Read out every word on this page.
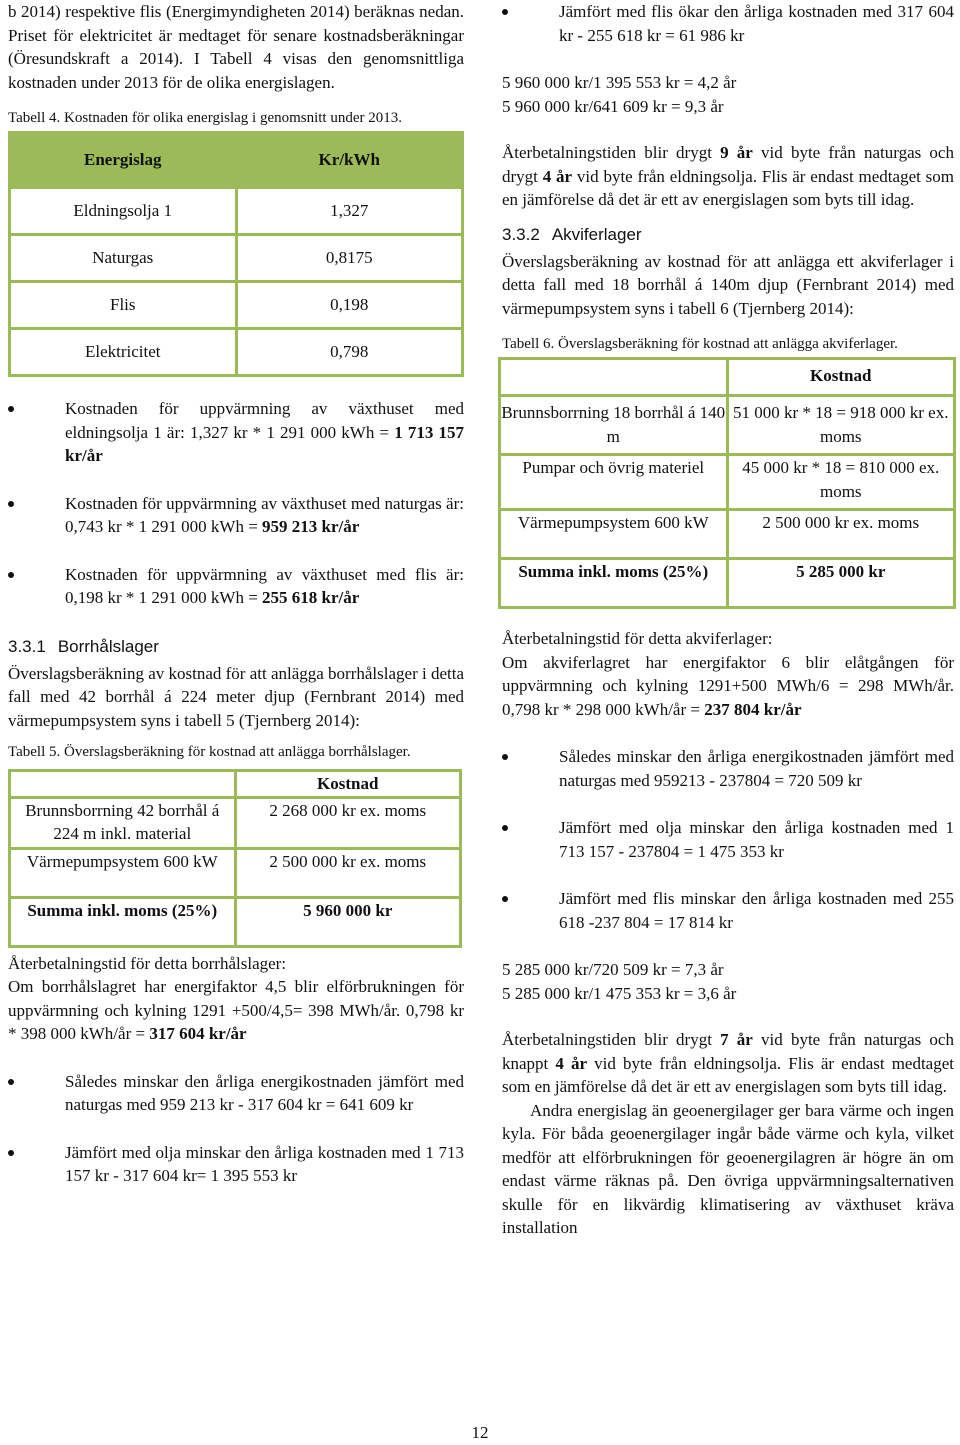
b 2014) respektive flis (Energimyndigheten 2014) beräknas nedan. Priset för elektricitet är medtaget för senare kostnadsberäkningar (Öresundskraft a 2014). I Tabell 4 visas den genomsnittliga kostnaden under 2013 för de olika energislagen.

Tabell 4. Kostnaden för olika energislag i genomsnitt under 2013.

Energislag	Kr/kWh
Eldningsolja 1	1,327
Naturgas	0,8175
Flis	0,198
Elektricitet	0,798
Kostnaden för uppvärmning av växthuset med eldningsolja 1 är: 1,327 kr * 1 291 000 kWh = 1 713 157 kr/år
Kostnaden för uppvärmning av växthuset med naturgas är: 0,743 kr * 1 291 000 kWh = 959 213 kr/år
Kostnaden för uppvärmning av växthuset med flis är: 0,198 kr * 1 291 000 kWh = 255 618 kr/år
3.3.1 Borrhålslager

Överslagsberäkning av kostnad för att anlägga borrhålslager i detta fall med 42 borrhål á 224 meter djup (Fernbrant 2014) med värmepumpsystem syns i tabell 5 (Tjernberg 2014):

Tabell 5. Överslagsberäkning för kostnad att anlägga borrhålslager.

	Kostnad
Brunnsborrning 42 borrhål á 224 m inkl. material	2 268 000 kr ex. moms
Värmepumpsystem 600 kW	2 500 000 kr ex. moms
Summa inkl. moms (25%)	5 960 000 kr

Återbetalningstid för detta borrhålslager:

Om borrhålslagret har energifaktor 4,5 blir elförbrukningen för uppvärmning och kylning 1291 +500/4,5= 398 MWh/år. 0,798 kr * 398 000 kWh/år = 317 604 kr/år

Således minskar den årliga energikostnaden jämfört med naturgas med 959 213 kr - 317 604 kr = 641 609 kr
Jämfört med olja minskar den årliga kostnaden med 1 713 157 kr - 317 604 kr= 1 395 553 kr
Jämfört med flis ökar den årliga kostnaden med 317 604 kr - 255 618 kr = 61 986 kr

5 960 000 kr/1 395 553 kr = 4,2 år

5 960 000 kr/641 609 kr = 9,3 år

Återbetalningstiden blir drygt 9 år vid byte från naturgas och drygt 4 år vid byte från eldningsolja. Flis är endast medtaget som en jämförelse då det är ett av energislagen som byts till idag.

3.3.2 Akviferlager

Överslagsberäkning av kostnad för att anlägga ett akviferlager i detta fall med 18 borrhål á 140m djup (Fernbrant 2014) med värmepumpsystem syns i tabell 6 (Tjernberg 2014):

Tabell 6. Överslagsberäkning för kostnad att anlägga akviferlager.

	Kostnad
Brunnsborrning 18 borrhål á 140 m	51 000 kr * 18 = 918 000 kr ex. moms
Pumpar och övrig materiel	45 000 kr * 18 = 810 000 ex. moms
Värmepumpsystem 600 kW	2 500 000 kr ex. moms
Summa inkl. moms (25%)	5 285 000 kr

Återbetalningstid för detta akviferlager:

Om akviferlagret har energifaktor 6 blir elåtgången för uppvärmning och kylning 1291+500 MWh/6 = 298 MWh/år. 0,798 kr * 298 000 kWh/år = 237 804 kr/år

Således minskar den årliga energikostnaden jämfört med naturgas med 959213 - 237804 = 720 509 kr
Jämfört med olja minskar den årliga kostnaden med 1 713 157 - 237804 = 1 475 353 kr
Jämfört med flis minskar den årliga kostnaden med 255 618 -237 804 = 17 814 kr

5 285 000 kr/720 509 kr = 7,3 år

5 285 000 kr/1 475 353 kr = 3,6 år

Återbetalningstiden blir drygt 7 år vid byte från naturgas och knappt 4 år vid byte från eldningsolja. Flis är endast medtaget som en jämförelse då det är ett av energislagen som byts till idag.

Andra energislag än geoenergilager ger bara värme och ingen kyla. För båda geoenergilager ingår både värme och kyla, vilket medför att elförbrukningen för geoenergilagren är högre än om endast värme räknas på. Den övriga uppvärmningsalternativen skulle för en likvärdig klimatisering av växthuset kräva installation

12
